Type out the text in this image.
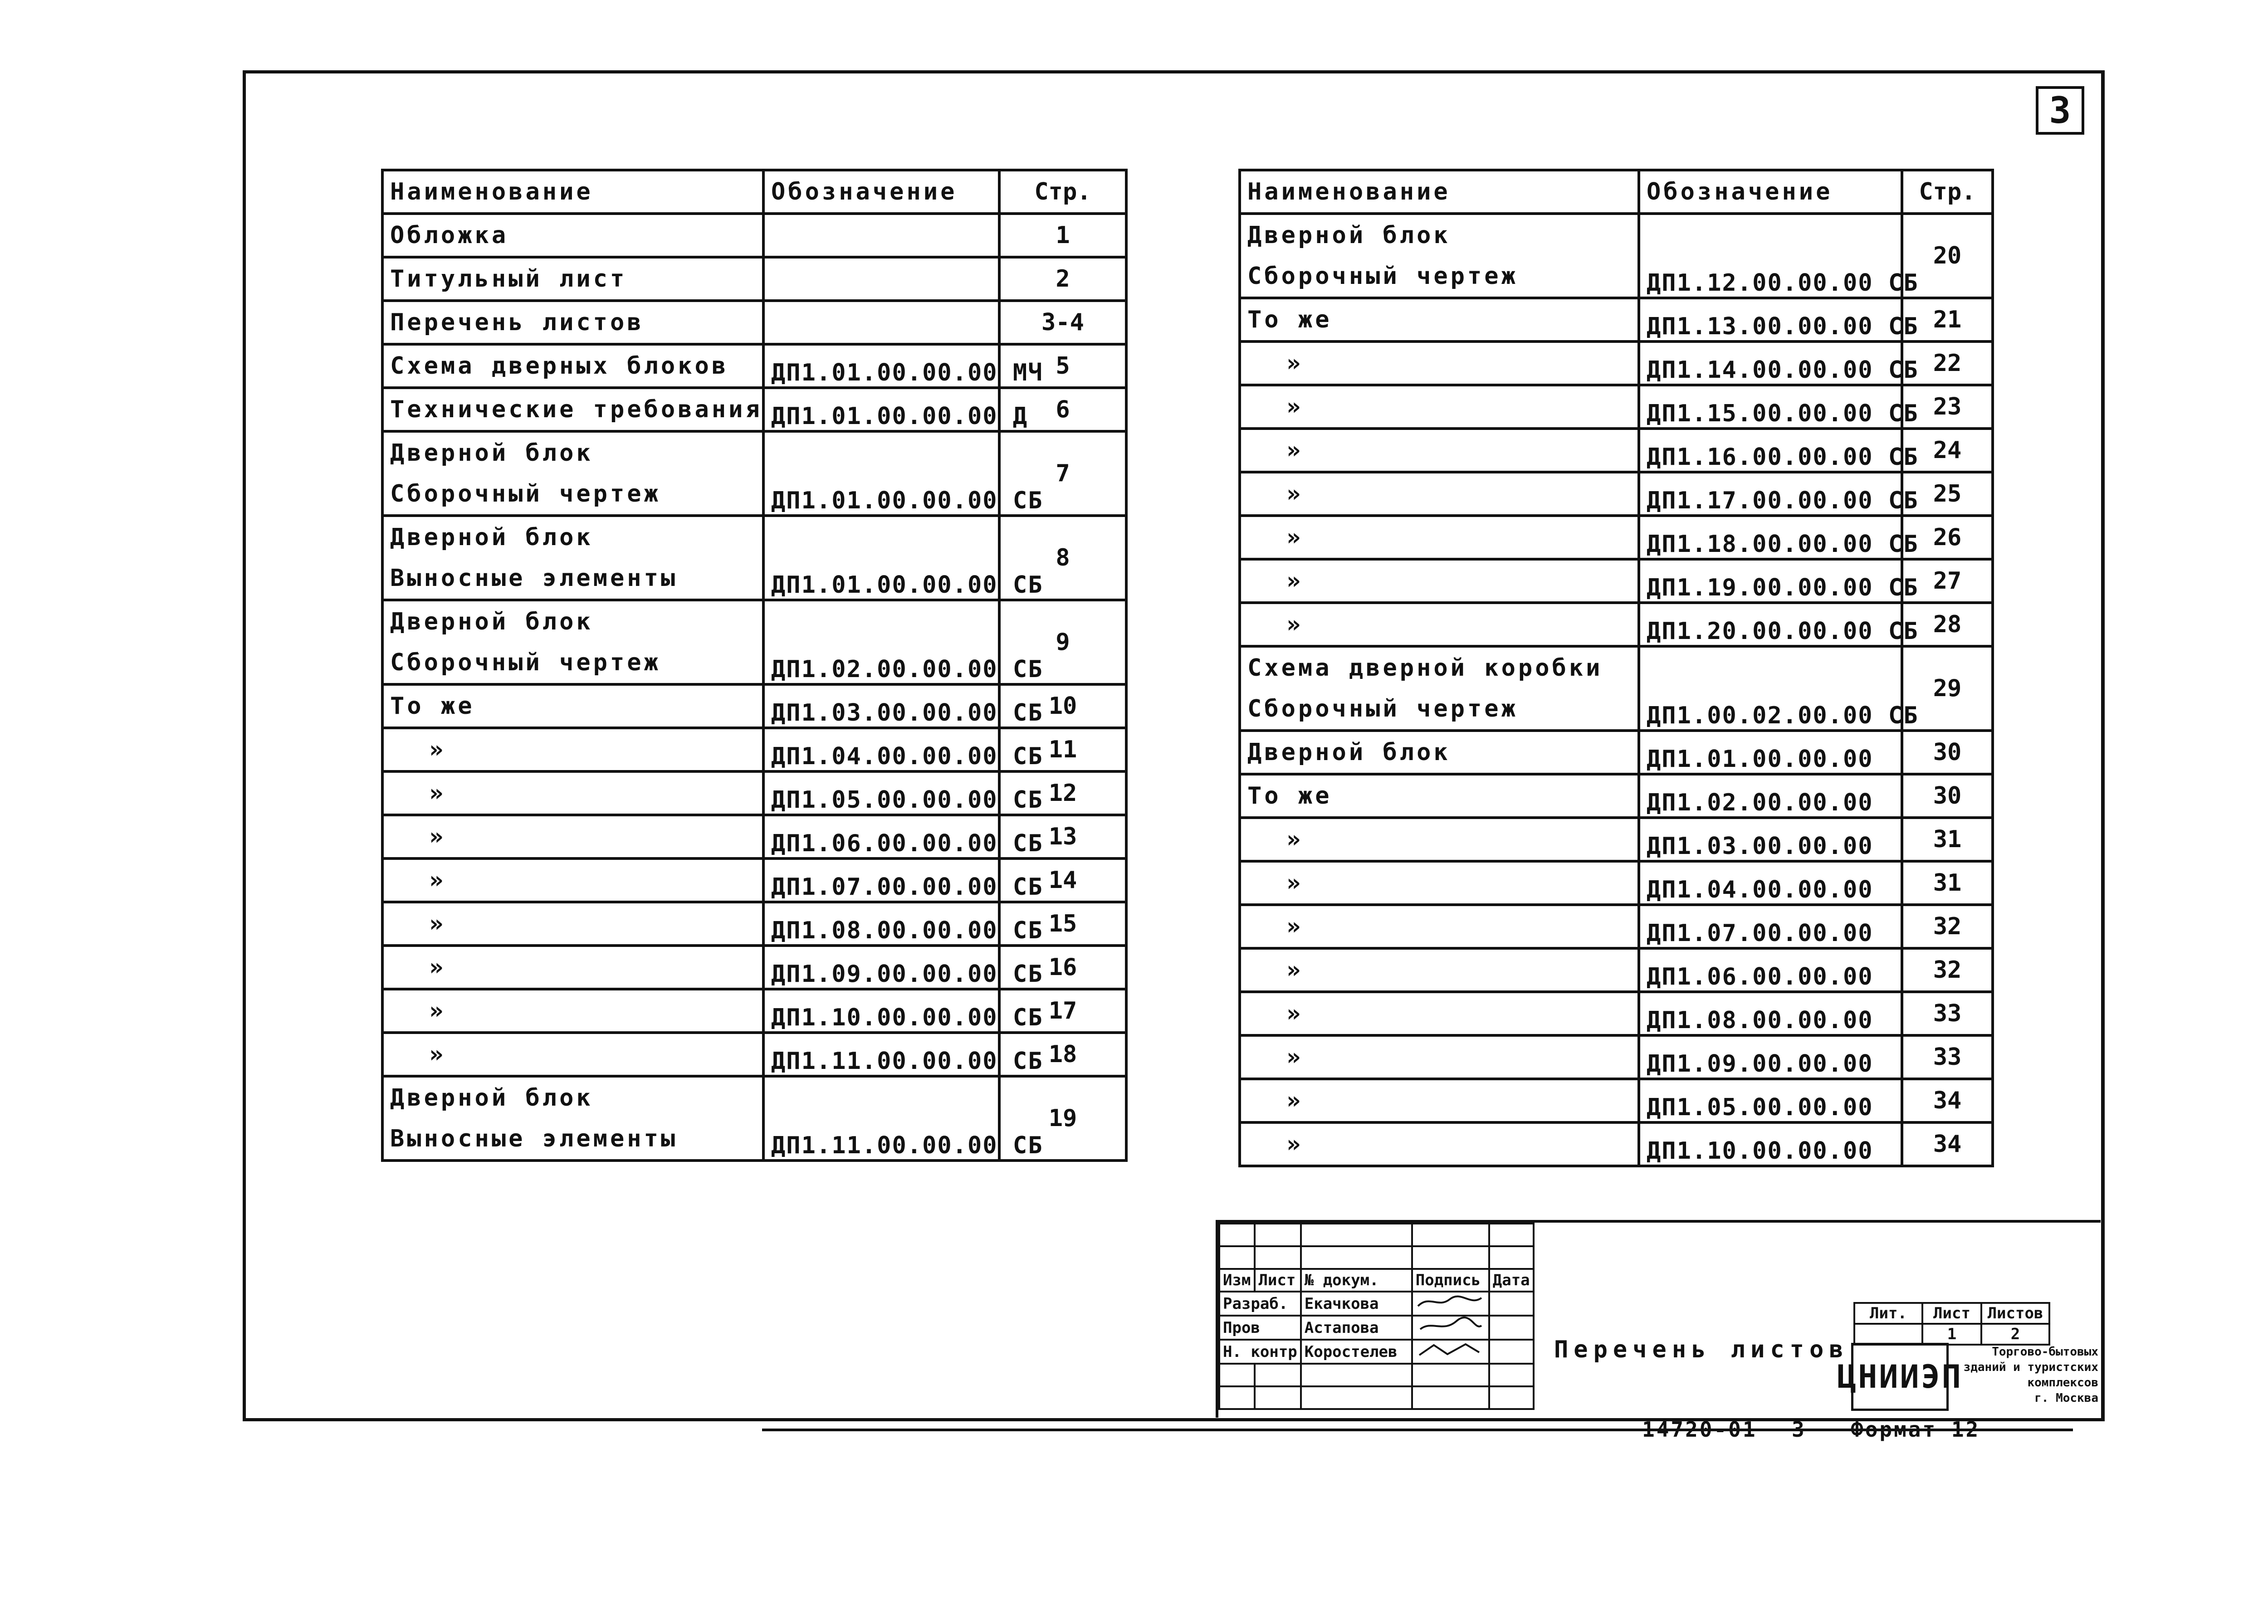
3
Наименование	Обозначение	Стр.

Обложка		1

Титульный лист		2

Перечень листов		3-4

Схема дверных блоков	ДП1.01.00.00.00 МЧ	5

Технические требования	ДП1.01.00.00.00 Д	6

Дверной блок
Сборочный чертеж	ДП1.01.00.00.00 СБ	7

Дверной блок
Выносные элементы	ДП1.01.00.00.00 СБ	8

Дверной блок
Сборочный чертеж	ДП1.02.00.00.00 СБ	9

То же	ДП1.03.00.00.00 СБ	10

»	ДП1.04.00.00.00 СБ	11

»	ДП1.05.00.00.00 СБ	12

»	ДП1.06.00.00.00 СБ	13

»	ДП1.07.00.00.00 СБ	14

»	ДП1.08.00.00.00 СБ	15

»	ДП1.09.00.00.00 СБ	16

»	ДП1.10.00.00.00 СБ	17

»	ДП1.11.00.00.00 СБ	18

Дверной блок
Выносные элементы	ДП1.11.00.00.00 СБ	19
Наименование	Обозначение	Стр.

Дверной блок
Сборочный чертеж	ДП1.12.00.00.00 СБ	20

То же	ДП1.13.00.00.00 СБ	21

»	ДП1.14.00.00.00 СБ	22

»	ДП1.15.00.00.00 СБ	23

»	ДП1.16.00.00.00 СБ	24

»	ДП1.17.00.00.00 СБ	25

»	ДП1.18.00.00.00 СБ	26

»	ДП1.19.00.00.00 СБ	27

»	ДП1.20.00.00.00 СБ	28

Схема дверной коробки
Сборочный чертеж	ДП1.00.02.00.00 СБ	29

Дверной блок	ДП1.01.00.00.00	30

То же	ДП1.02.00.00.00	30

»	ДП1.03.00.00.00	31

»	ДП1.04.00.00.00	31

»	ДП1.07.00.00.00	32

»	ДП1.06.00.00.00	32

»	ДП1.08.00.00.00	33

»	ДП1.09.00.00.00	33

»	ДП1.05.00.00.00	34

»	ДП1.10.00.00.00	34

Изм	Лист	№ докум.	Подпись	Дата
Разраб.		Екачкова		
Пров		Астапова		
Н. контр		Коростелев		

					Перечень листов
Лит.	Лист	Листов
	1	2
ЦНИИЭП
Торгово-бытовых
зданий и туристских
комплексов
г. Москва
14720-01 3 Формат 12
